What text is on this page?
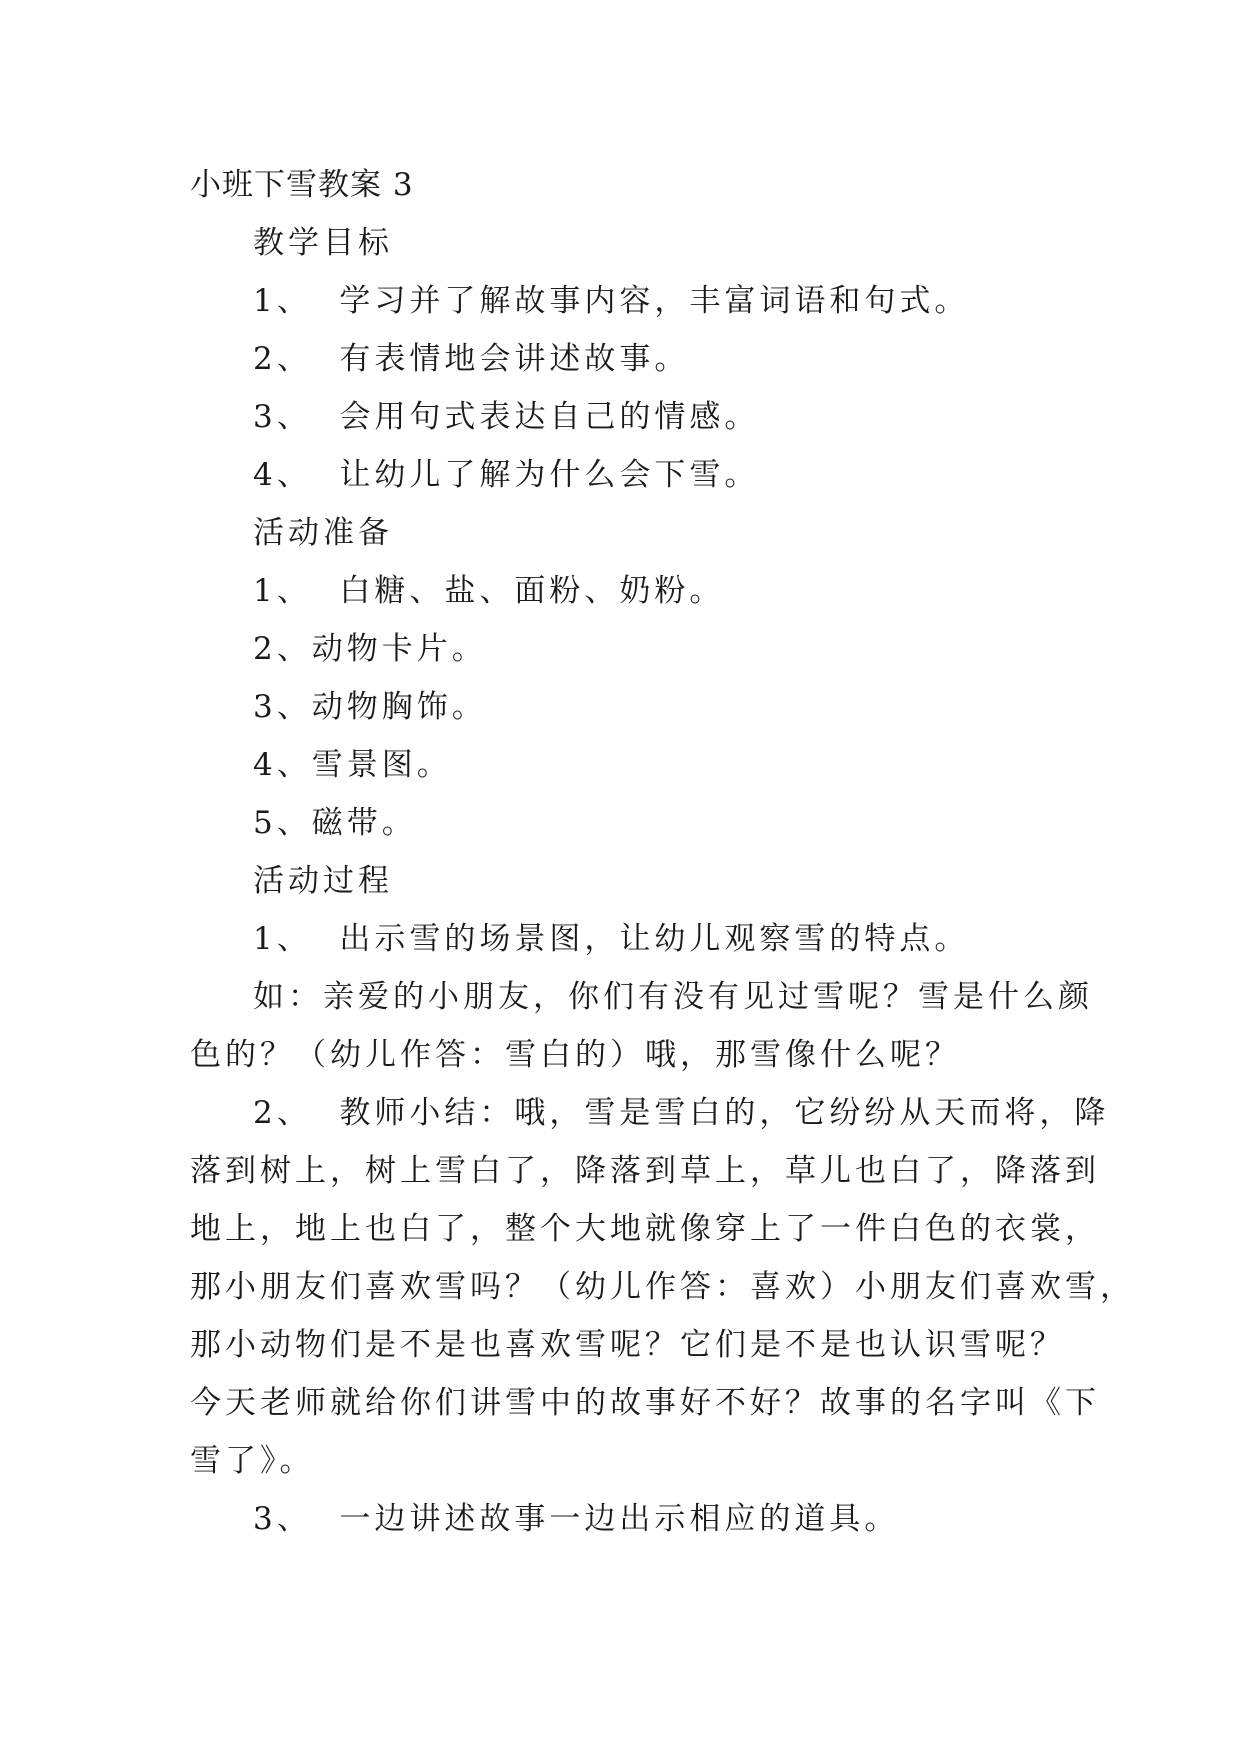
小班下雪教案 3
教学目标
1、  学习并了解故事内容，丰富词语和句式。
2、  有表情地会讲述故事。
3、  会用句式表达自己的情感。
4、  让幼儿了解为什么会下雪。
活动准备
1、  白糖、盐、面粉、奶粉。
2、动物卡片。
3、动物胸饰。
4、雪景图。
5、磁带。
活动过程
1、  出示雪的场景图，让幼儿观察雪的特点。
如：亲爱的小朋友，你们有没有见过雪呢？雪是什么颜
色的？（幼儿作答：雪白的）哦，那雪像什么呢？
2、  教师小结：哦，雪是雪白的，它纷纷从天而将，降
落到树上，树上雪白了，降落到草上，草儿也白了，降落到
地上，地上也白了，整个大地就像穿上了一件白色的衣裳，
那小朋友们喜欢雪吗？（幼儿作答：喜欢）小朋友们喜欢雪，
那小动物们是不是也喜欢雪呢？它们是不是也认识雪呢？
今天老师就给你们讲雪中的故事好不好？故事的名字叫《下
雪了》。
3、  一边讲述故事一边出示相应的道具。
